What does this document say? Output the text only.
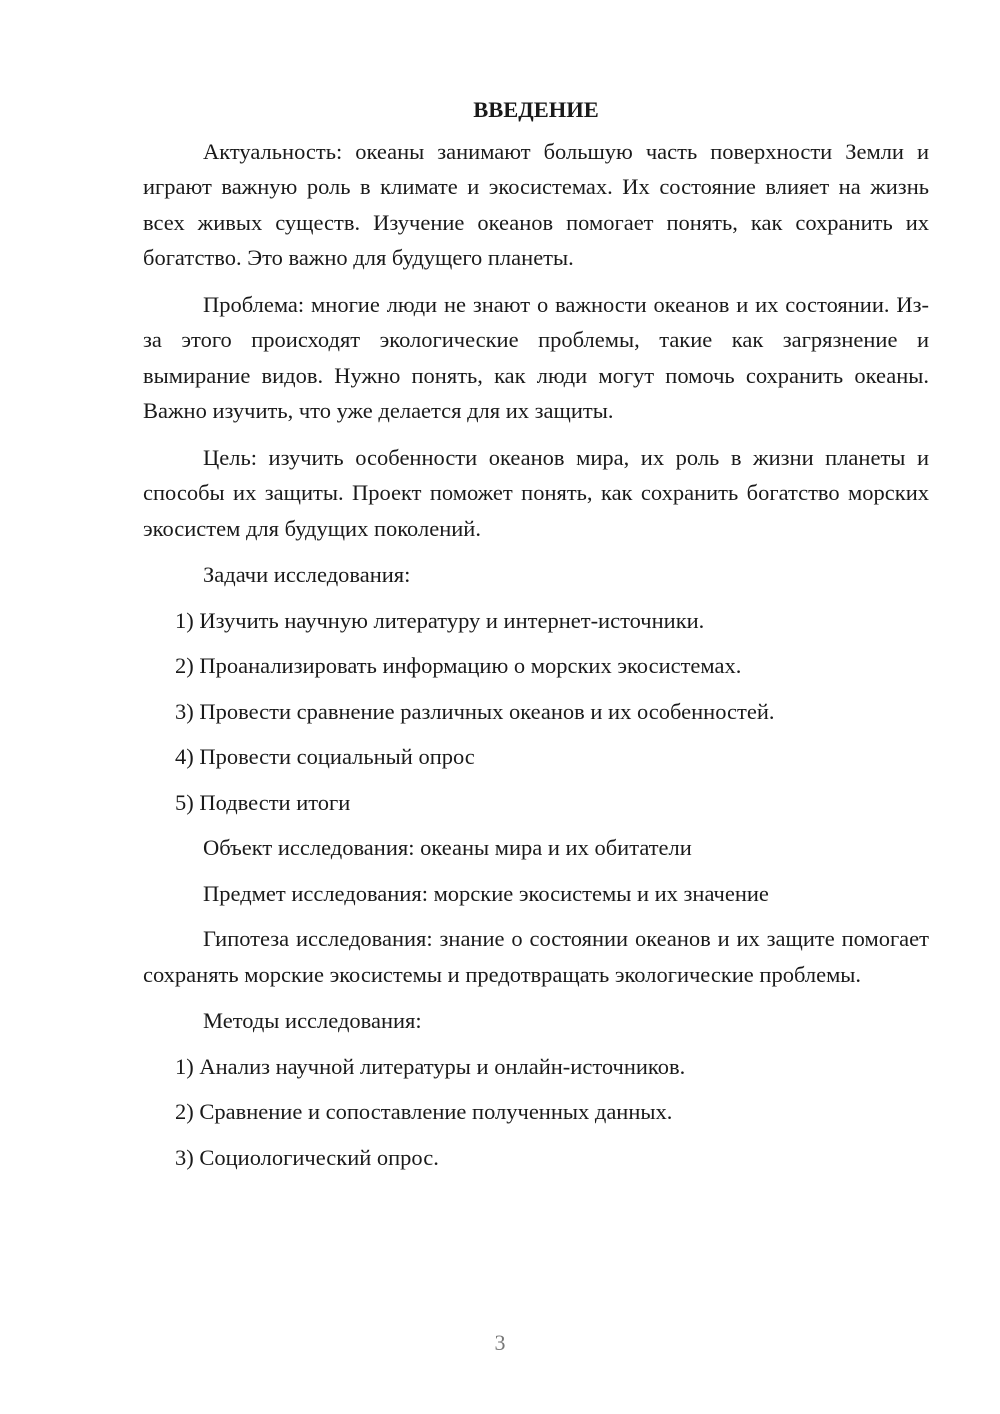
ВВЕДЕНИЕ

Актуальность: океаны занимают большую часть поверхности Земли и играют важную роль в климате и экосистемах. Их состояние влияет на жизнь всех живых существ. Изучение океанов помогает понять, как сохранить их богатство. Это важно для будущего планеты.

Проблема: многие люди не знают о важности океанов и их состоянии. Из-за этого происходят экологические проблемы, такие как загрязнение и вымирание видов. Нужно понять, как люди могут помочь сохранить океаны. Важно изучить, что уже делается для их защиты.

Цель: изучить особенности океанов мира, их роль в жизни планеты и способы их защиты. Проект поможет понять, как сохранить богатство морских экосистем для будущих поколений.

Задачи исследования:

1) Изучить научную литературу и интернет-источники.

2) Проанализировать информацию о морских экосистемах.

3) Провести сравнение различных океанов и их особенностей.

4) Провести социальный опрос

5) Подвести итоги

Объект исследования: океаны мира и их обитатели

Предмет исследования: морские экосистемы и их значение

Гипотеза исследования: знание о состоянии океанов и их защите помогает сохранять морские экосистемы и предотвращать экологические проблемы.

Методы исследования:

1) Анализ научной литературы и онлайн-источников.

2) Сравнение и сопоставление полученных данных.

3) Социологический опрос.

3
